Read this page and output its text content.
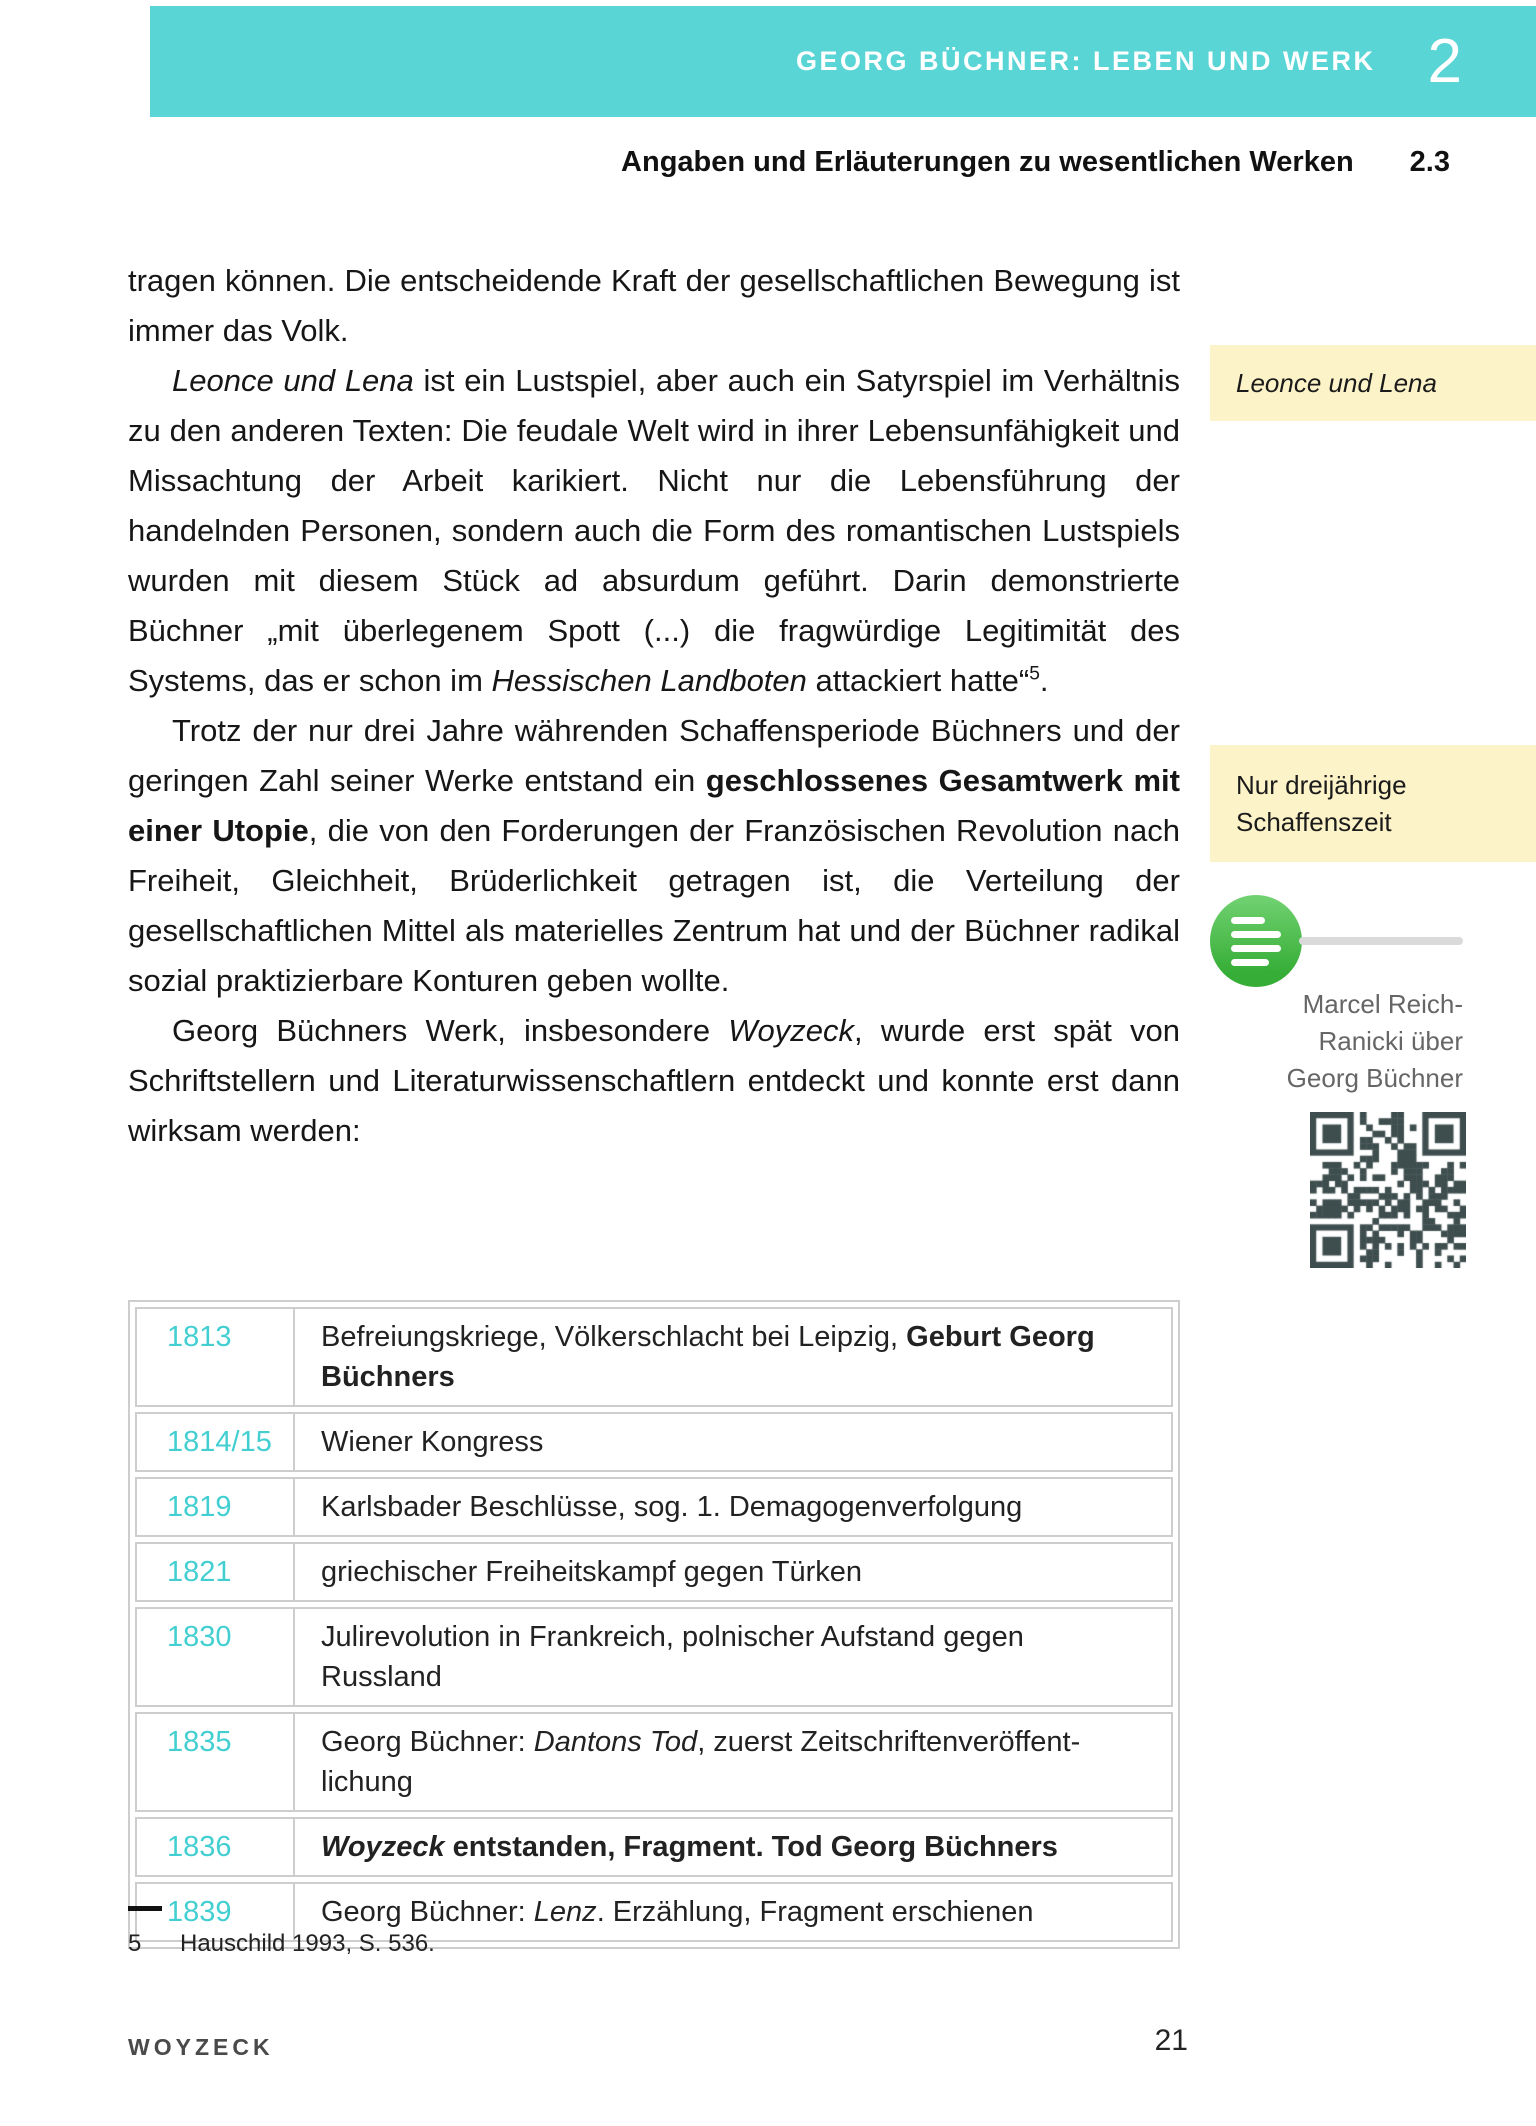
GEORG BÜCHNER: LEBEN UND WERK 2
Angaben und Erläuterungen zu wesentlichen Werken 2.3

tragen können. Die entscheidende Kraft der gesellschaftlichen Bewegung ist immer das Volk.

Leonce und Lena ist ein Lustspiel, aber auch ein Satyrspiel im Verhältnis zu den anderen Texten: Die feudale Welt wird in ihrer Lebensunfähigkeit und Missachtung der Arbeit karikiert. Nicht nur die Lebensführung der handelnden Personen, sondern auch die Form des romantischen Lustspiels wurden mit diesem Stück ad absurdum geführt. Darin demonstrierte Büchner „mit überlegenem Spott (...) die fragwürdige Legitimität des Systems, das er schon im Hessischen Landboten attackiert hatte“$^5$.

Trotz der nur drei Jahre währenden Schaffensperiode Büchners und der geringen Zahl seiner Werke entstand ein geschlossenes Gesamtwerk mit einer Utopie, die von den Forderungen der Französischen Revolution nach Freiheit, Gleichheit, Brüderlichkeit getragen ist, die Verteilung der gesellschaftlichen Mittel als materielles Zentrum hat und der Büchner radikal sozial praktizierbare Konturen geben wollte.

Georg Büchners Werk, insbesondere Woyzeck, wurde erst spät von Schriftstellern und Literaturwissenschaftlern entdeckt und konnte erst dann wirksam werden:

Leonce und Lena
Nur dreijährige Schaffenszeit
Marcel Reich-
Ranicki über
Georg Büchner
1813	Befreiungskriege, Völkerschlacht bei Leipzig, Geburt Georg Büchners
1814/15	Wiener Kongress
1819	Karlsbader Beschlüsse, sog. 1. Demagogenverfolgung
1821	griechischer Freiheitskampf gegen Türken
1830	Julirevolution in Frankreich, polnischer Aufstand gegen Russland
1835	Georg Büchner: Dantons Tod, zuerst Zeitschriftenveröffentlichung
1836	Woyzeck entstanden, Fragment. Tod Georg Büchners
1839	Georg Büchner: Lenz. Erzählung, Fragment erschienen
5 Hauschild 1993, S. 536.
WOYZECK	21
